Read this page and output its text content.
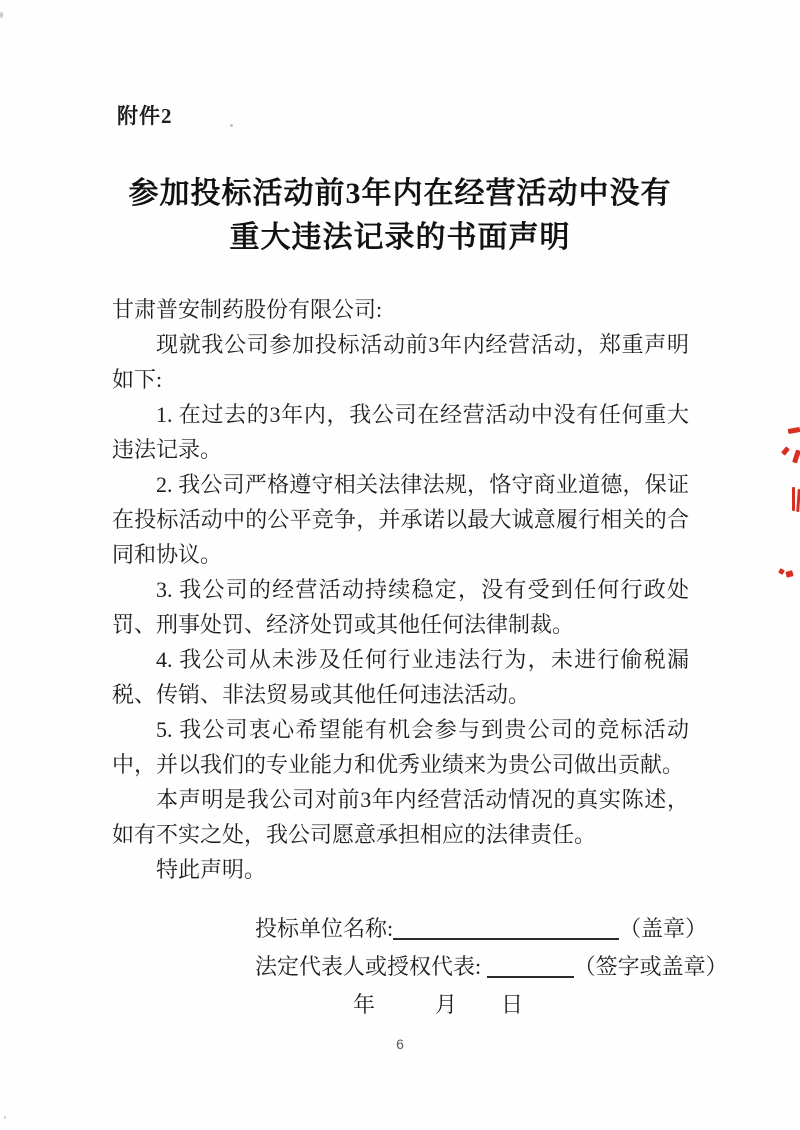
附件2
参加投标活动前3年内在经营活动中没有
重大违法记录的书面声明

甘肃普安制药股份有限公司:

现就我公司参加投标活动前3年内经营活动，郑重声明如下:

1. 在过去的3年内，我公司在经营活动中没有任何重大违法记录。

2. 我公司严格遵守相关法律法规，恪守商业道德，保证在投标活动中的公平竞争，并承诺以最大诚意履行相关的合同和协议。

3. 我公司的经营活动持续稳定，没有受到任何行政处罚、刑事处罚、经济处罚或其他任何法律制裁。

4. 我公司从未涉及任何行业违法行为，未进行偷税漏税、传销、非法贸易或其他任何违法活动。

5. 我公司衷心希望能有机会参与到贵公司的竞标活动中，并以我们的专业能力和优秀业绩来为贵公司做出贡献。

本声明是我公司对前3年内经营活动情况的真实陈述，如有不实之处，我公司愿意承担相应的法律责任。

特此声明。

投标单位名称:	（盖章）
法定代表人或授权代表:	（签字或盖章）
年	月 日
6
